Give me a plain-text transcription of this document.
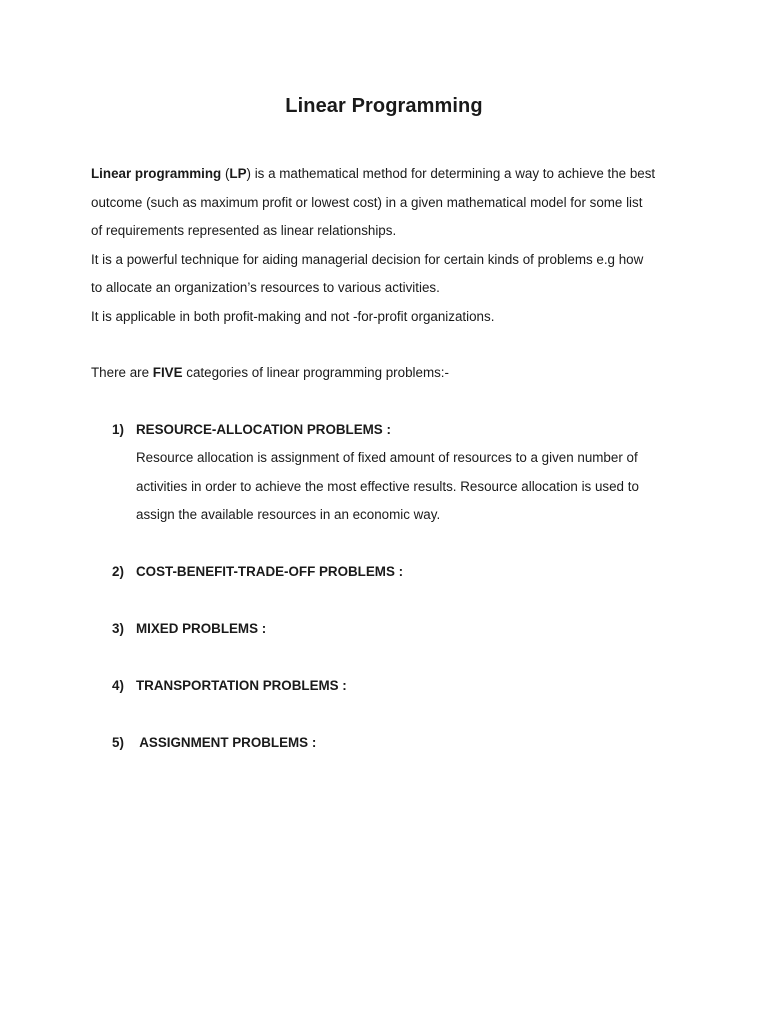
Linear Programming

Linear programming (LP) is a mathematical method for determining a way to achieve the best

outcome (such as maximum profit or lowest cost) in a given mathematical model for some list

of requirements represented as linear relationships.

It is a powerful technique for aiding managerial decision for certain kinds of problems e.g how

to allocate an organization’s resources to various activities.

It is applicable in both profit-making and not -for-profit organizations.

There are FIVE categories of linear programming problems:-

1) RESOURCE-ALLOCATION PROBLEMS :
Resource allocation is assignment of fixed amount of resources to a given number of
activities in order to achieve the most effective results. Resource allocation is used to
assign the available resources in an economic way.
2) COST-BENEFIT-TRADE-OFF PROBLEMS :
3) MIXED PROBLEMS :
4) TRANSPORTATION PROBLEMS :
5) ASSIGNMENT PROBLEMS :
